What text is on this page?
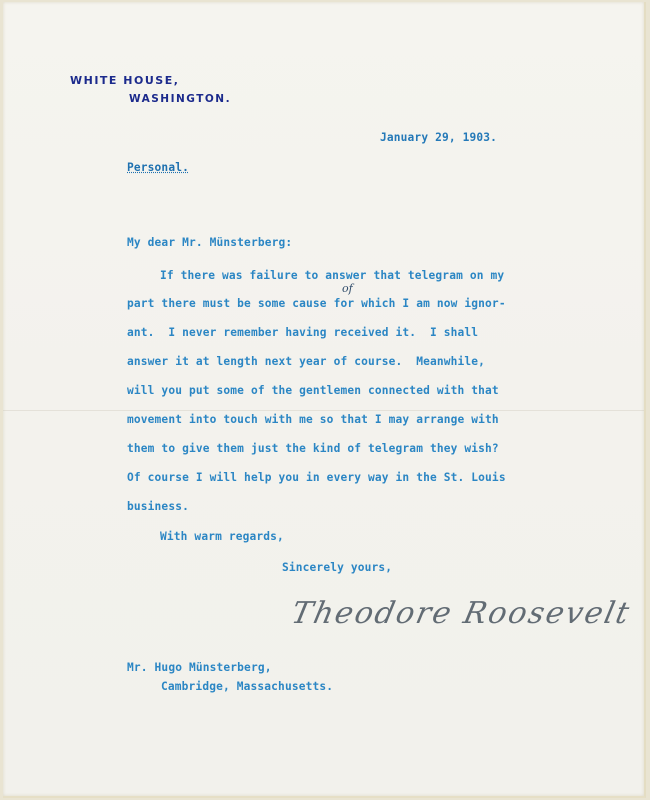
WHITE HOUSE,
WASHINGTON.
January 29, 1903.
Personal.
My dear Mr. Münsterberg:
If there was failure to answer that telegram on my
of
part there must be some cause for which I am now ignor-
ant.  I never remember having received it.  I shall
answer it at length next year of course.  Meanwhile,
will you put some of the gentlemen connected with that
movement into touch with me so that I may arrange with
them to give them just the kind of telegram they wish?
Of course I will help you in every way in the St. Louis
business.
With warm regards,
Sincerely yours,
Theodore Roosevelt
Mr. Hugo Münsterberg,
Cambridge, Massachusetts.
